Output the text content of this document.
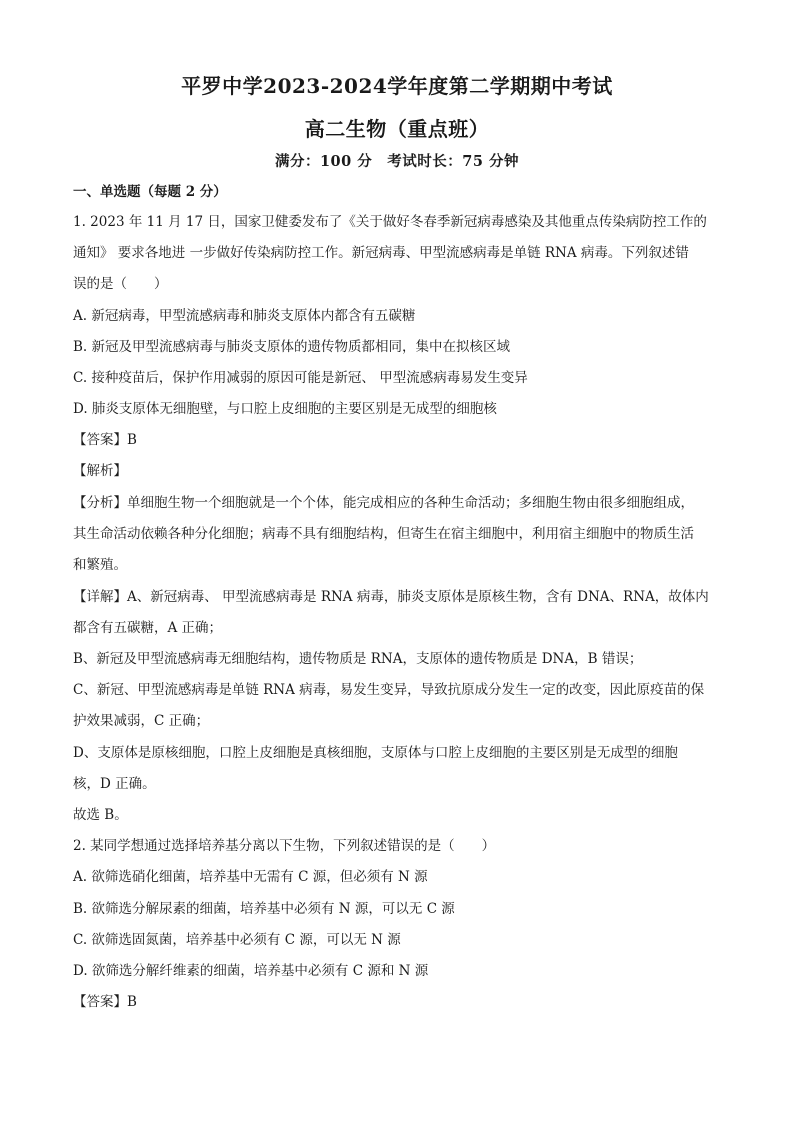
平罗中学2023-2024学年度第二学期期中考试
高二生物（重点班）
满分：100 分　考试时长：75 分钟
一、单选题（每题 2 分）
1. 2023 年 11 月 17 日，国家卫健委发布了《关于做好冬春季新冠病毒感染及其他重点传染病防控工作的
通知》 要求各地进 一步做好传染病防控工作。新冠病毒、甲型流感病毒是单链 RNA 病毒。下列叙述错
误的是（　　）
A. 新冠病毒，甲型流感病毒和肺炎支原体内都含有五碳糖
B. 新冠及甲型流感病毒与肺炎支原体的遗传物质都相同，集中在拟核区域
C. 接种疫苗后，保护作用减弱的原因可能是新冠、 甲型流感病毒易发生变异
D. 肺炎支原体无细胞壁，与口腔上皮细胞的主要区别是无成型的细胞核
【答案】B
【解析】
【分析】单细胞生物一个细胞就是一个个体，能完成相应的各种生命活动；多细胞生物由很多细胞组成，
其生命活动依赖各种分化细胞；病毒不具有细胞结构，但寄生在宿主细胞中，利用宿主细胞中的物质生活
和繁殖。
【详解】A、新冠病毒、 甲型流感病毒是 RNA 病毒，肺炎支原体是原核生物，含有 DNA、RNA，故体内
都含有五碳糖，A 正确；
B、新冠及甲型流感病毒无细胞结构，遗传物质是 RNA，支原体的遗传物质是 DNA，B 错误；
C、新冠、甲型流感病毒是单链 RNA 病毒，易发生变异，导致抗原成分发生一定的改变，因此原疫苗的保
护效果减弱，C 正确；
D、支原体是原核细胞，口腔上皮细胞是真核细胞，支原体与口腔上皮细胞的主要区别是无成型的细胞
核，D 正确。
故选 B。
2. 某同学想通过选择培养基分离以下生物，下列叙述错误的是（　　）
A. 欲筛选硝化细菌，培养基中无需有 C 源，但必须有 N 源
B. 欲筛选分解尿素的细菌，培养基中必须有 N 源，可以无 C 源
C. 欲筛选固氮菌，培养基中必须有 C 源，可以无 N 源
D. 欲筛选分解纤维素的细菌，培养基中必须有 C 源和 N 源
【答案】B
